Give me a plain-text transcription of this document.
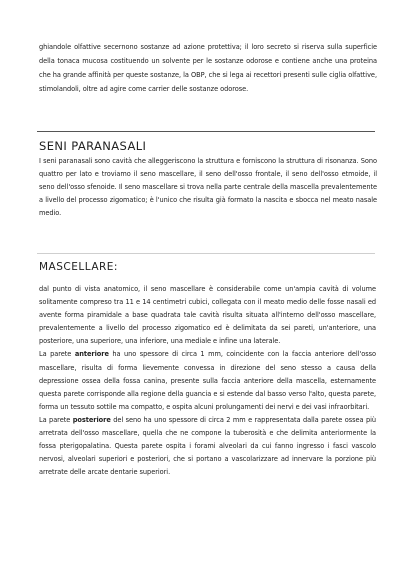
ghiandole olfattive secernono sostanze ad azione protettiva; il loro secreto si riserva sulla superficie della tonaca mucosa costituendo un solvente per le sostanze odorose e contiene anche una proteina che ha grande affinità per queste sostanze, la OBP, che si lega ai recettori presenti sulle ciglia olfattive, stimolandoli, oltre ad agire come carrier delle sostanze odorose.

SENI PARANASALI

I seni paranasali sono cavità che alleggeriscono la struttura e forniscono la struttura di risonanza. Sono quattro per lato e troviamo il seno mascellare, il seno dell'osso frontale, il seno dell'osso etmoide, il seno dell'osso sfenoide. Il seno mascellare si trova nella parte centrale della mascella prevalentemente a livello del processo zigomatico; è l'unico che risulta già formato la nascita e sbocca nel meato nasale medio.

MASCELLARE:

dal punto di vista anatomico, il seno mascellare è considerabile come un'ampia cavità di volume solitamente compreso tra 11 e 14 centimetri cubici, collegata con il meato medio delle fosse nasali ed avente forma piramidale a base quadrata tale cavità risulta situata all'interno dell'osso mascellare, prevalentemente a livello del processo zigomatico ed è delimitata da sei pareti, un'anteriore, una posteriore, una superiore, una inferiore, una mediale e infine una laterale.

La parete anteriore ha uno spessore di circa 1 mm, coincidente con la faccia anteriore dell'osso mascellare, risulta di forma lievemente convessa in direzione del seno stesso a causa della depressione ossea della fossa canina, presente sulla faccia anteriore della mascella, esternamente questa parete corrisponde alla regione della guancia e si estende dal basso verso l'alto, questa parete, forma un tessuto sottile ma compatto, e ospita alcuni prolungamenti dei nervi e dei vasi infraorbitari.

La parete posteriore del seno ha uno spessore di circa 2 mm e rappresentata dalla parete ossea più arretrata dell'osso mascellare, quella che ne compone la tuberosità e che delimita anteriormente la fossa pterigopalatina. Questa parete ospita i forami alveolari da cui fanno ingresso i fasci vascolo nervosi, alveolari superiori e posteriori, che si portano a vascolarizzare ad innervare la porzione più arretrate delle arcate dentarie superiori.
